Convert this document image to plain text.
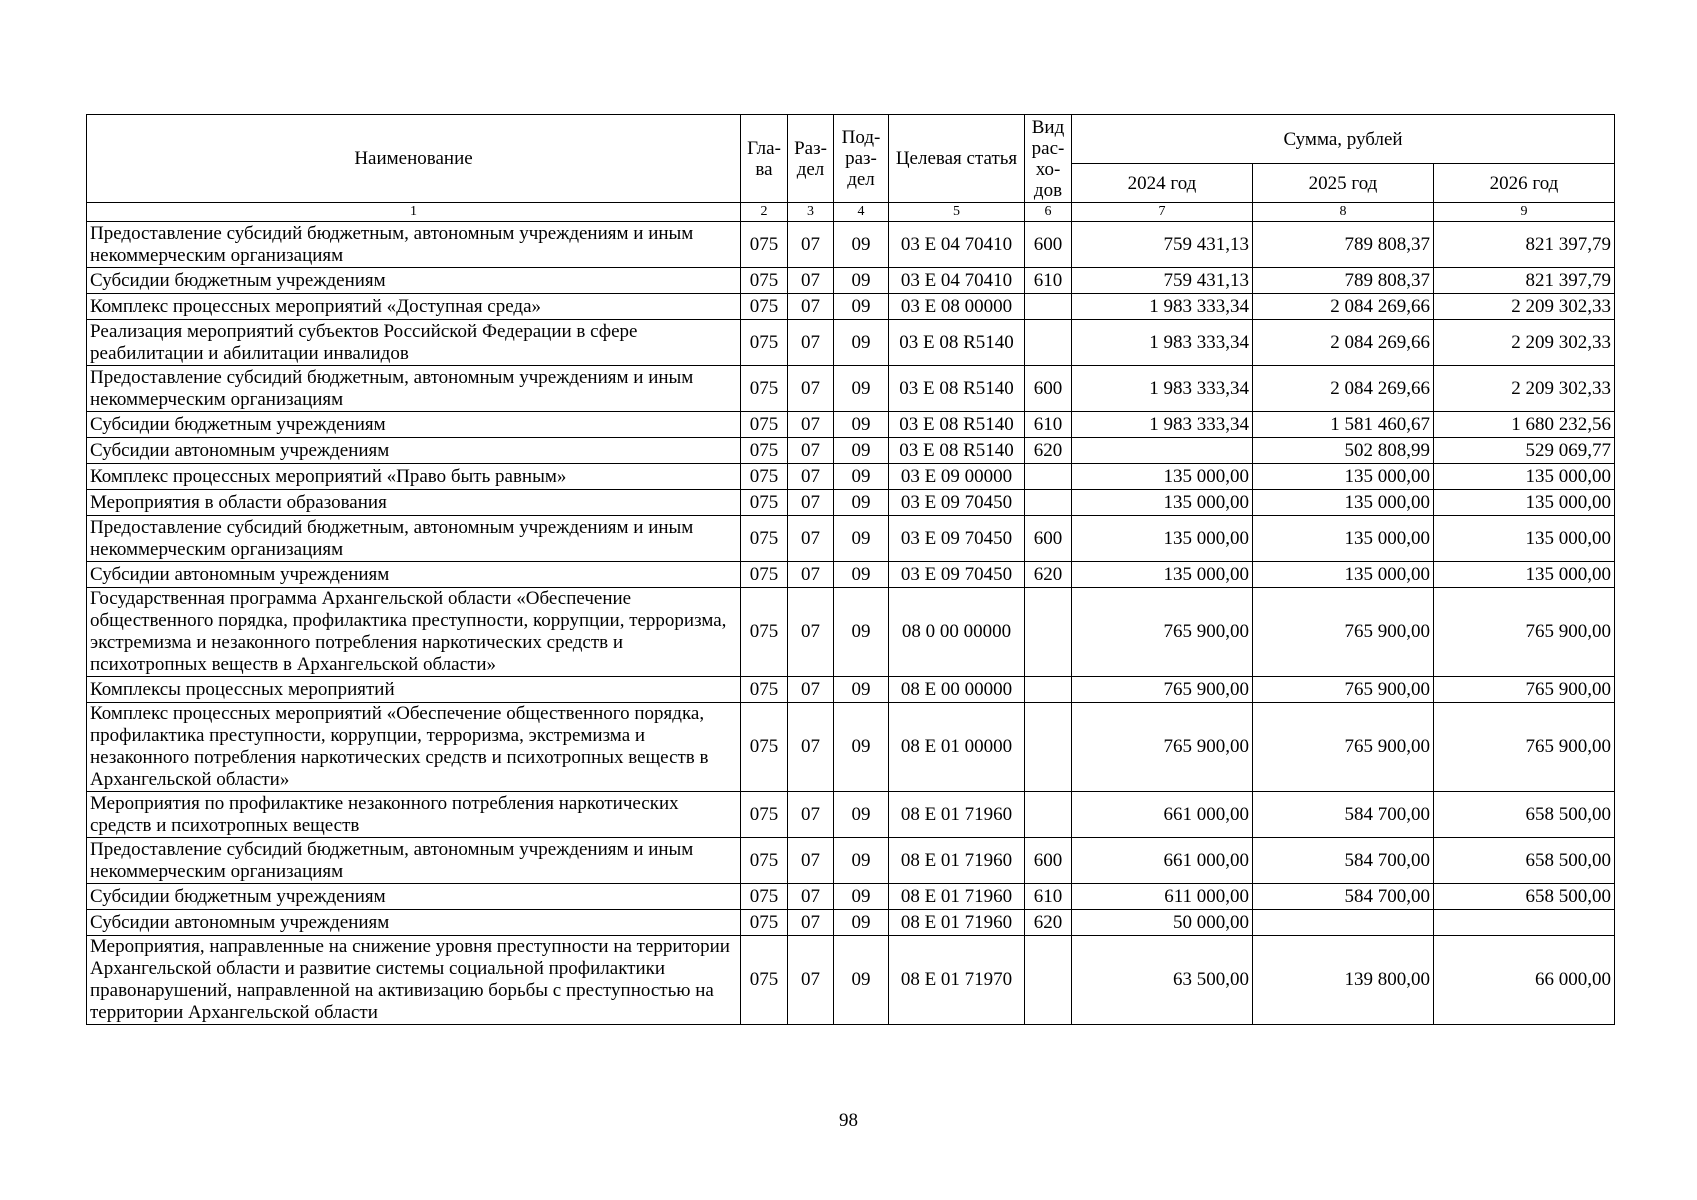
Наименование	Гла-ва	Раз-дел	Под-раз-дел	Целевая статья	Вид рас-хо-дов	Сумма, рублей		
						2024 год	2025 год	2026 год
1	2	3	4	5	6	7	8	9
Предоставление субсидий бюджетным, автономным учреждениям и иным некоммерческим организациям	075	07	09	03 Е 04 70410	600	759 431,13	789 808,37	821 397,79
Субсидии бюджетным учреждениям	075	07	09	03 Е 04 70410	610	759 431,13	789 808,37	821 397,79
Комплекс процессных мероприятий «Доступная среда»	075	07	09	03 Е 08 00000		1 983 333,34	2 084 269,66	2 209 302,33
Реализация мероприятий субъектов Российской Федерации в сфере реабилитации и абилитации инвалидов	075	07	09	03 Е 08 R5140		1 983 333,34	2 084 269,66	2 209 302,33
Предоставление субсидий бюджетным, автономным учреждениям и иным некоммерческим организациям	075	07	09	03 Е 08 R5140	600	1 983 333,34	2 084 269,66	2 209 302,33
Субсидии бюджетным учреждениям	075	07	09	03 Е 08 R5140	610	1 983 333,34	1 581 460,67	1 680 232,56
Субсидии автономным учреждениям	075	07	09	03 Е 08 R5140	620		502 808,99	529 069,77
Комплекс процессных мероприятий «Право быть равным»	075	07	09	03 Е 09 00000		135 000,00	135 000,00	135 000,00
Мероприятия в области образования	075	07	09	03 Е 09 70450		135 000,00	135 000,00	135 000,00
Предоставление субсидий бюджетным, автономным учреждениям и иным некоммерческим организациям	075	07	09	03 Е 09 70450	600	135 000,00	135 000,00	135 000,00
Субсидии автономным учреждениям	075	07	09	03 Е 09 70450	620	135 000,00	135 000,00	135 000,00
Государственная программа Архангельской области «Обеспечение общественного порядка, профилактика преступности, коррупции, терроризма, экстремизма и незаконного потребления наркотических средств и психотропных веществ в Архангельской области»	075	07	09	08 0 00 00000		765 900,00	765 900,00	765 900,00
Комплексы процессных мероприятий	075	07	09	08 Е 00 00000		765 900,00	765 900,00	765 900,00
Комплекс процессных мероприятий «Обеспечение общественного порядка, профилактика преступности, коррупции, терроризма, экстремизма и незаконного потребления наркотических средств и психотропных веществ в Архангельской области»	075	07	09	08 Е 01 00000		765 900,00	765 900,00	765 900,00
Мероприятия по профилактике незаконного потребления наркотических средств и психотропных веществ	075	07	09	08 Е 01 71960		661 000,00	584 700,00	658 500,00
Предоставление субсидий бюджетным, автономным учреждениям и иным некоммерческим организациям	075	07	09	08 Е 01 71960	600	661 000,00	584 700,00	658 500,00
Субсидии бюджетным учреждениям	075	07	09	08 Е 01 71960	610	611 000,00	584 700,00	658 500,00
Субсидии автономным учреждениям	075	07	09	08 Е 01 71960	620	50 000,00		
Мероприятия, направленные на снижение уровня преступности на территории Архангельской области и развитие системы социальной профилактики правонарушений, направленной на активизацию борьбы с преступностью на территории Архангельской области	075	07	09	08 Е 01 71970		63 500,00	139 800,00	66 000,00
98
